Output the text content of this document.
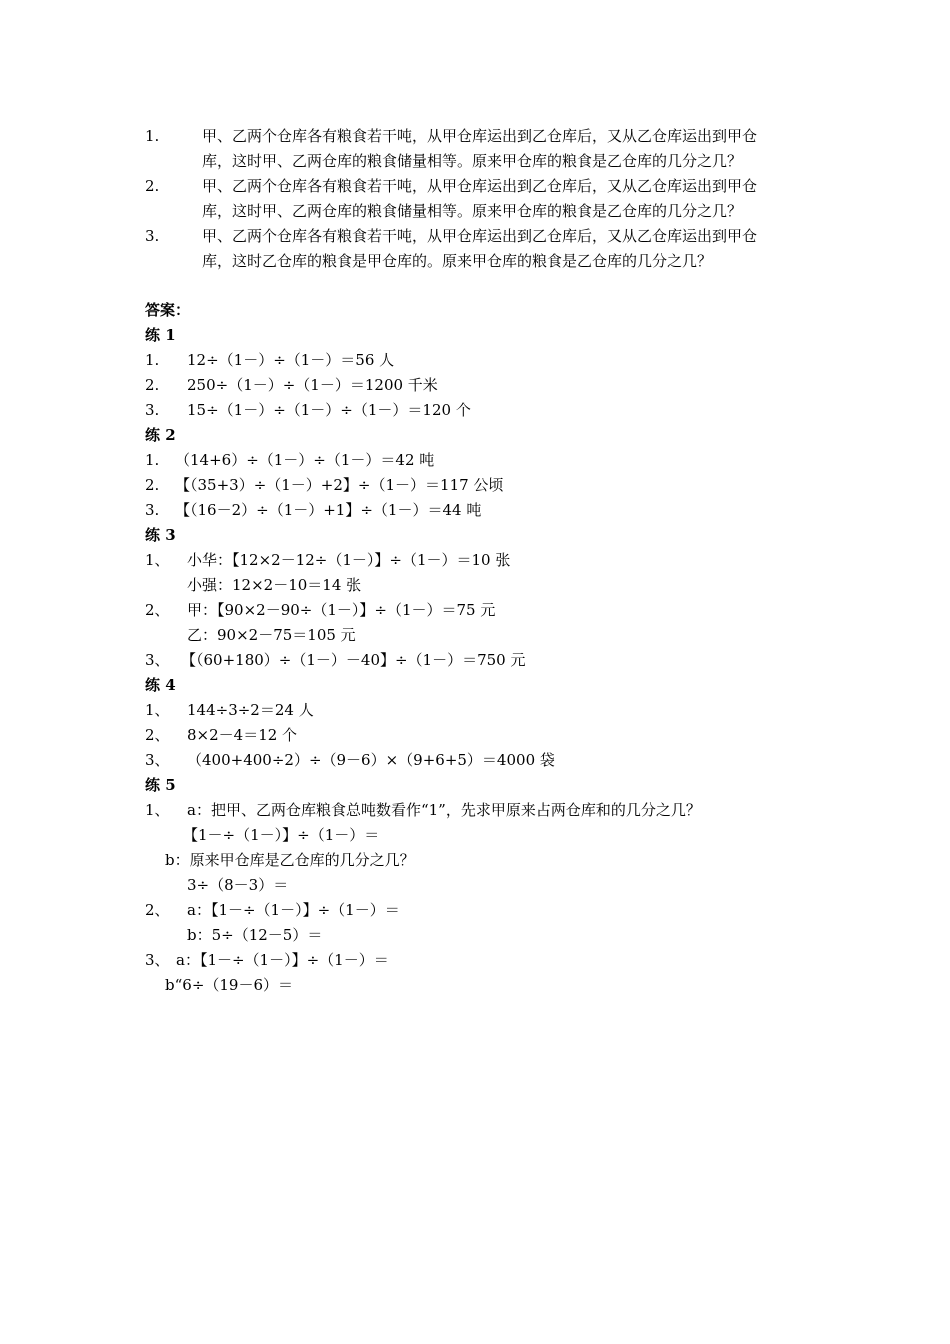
1.	甲、乙两个仓库各有粮食若干吨，从甲仓库运出到乙仓库后，又从乙仓库运出到甲仓
库，这时甲、乙两仓库的粮食储量相等。原来甲仓库的粮食是乙仓库的几分之几？
2.	甲、乙两个仓库各有粮食若干吨，从甲仓库运出到乙仓库后，又从乙仓库运出到甲仓
库，这时甲、乙两仓库的粮食储量相等。原来甲仓库的粮食是乙仓库的几分之几？
3.	甲、乙两个仓库各有粮食若干吨，从甲仓库运出到乙仓库后，又从乙仓库运出到甲仓
库，这时乙仓库的粮食是甲仓库的。原来甲仓库的粮食是乙仓库的几分之几？
答案：
练 1
1. 12÷（1－）÷（1－）＝56 人
2. 250÷（1－）÷（1－）＝1200 千米
3. 15÷（1－）÷（1－）÷（1－）＝120 个
练 2
1. （14+6）÷（1－）÷（1－）＝42 吨
2. 【（35+3）÷（1－）+2】÷（1－）＝117 公顷
3. 【（16－2）÷（1－）+1】÷（1－）＝44 吨
练 3
1、 小华：【12×2－12÷（1－）】÷（1－）＝10 张
小强：12×2－10＝14 张
2、 甲：【90×2－90÷（1－）】÷（1－）＝75 元
乙：90×2－75＝105 元
3、 【（60+180）÷（1－）－40】÷（1－）＝750 元
练 4
1、 144÷3÷2＝24 人
2、 8×2－4＝12 个
3、 （400+400÷2）÷（9－6）×（9+6+5）＝4000 袋
练 5
1、 a：把甲、乙两仓库粮食总吨数看作“1”，先求甲原来占两仓库和的几分之几？
【1－÷（1－）】÷（1－）＝
b：原来甲仓库是乙仓库的几分之几？
3÷（8－3）＝
2、 a：【1－÷（1－）】÷（1－）＝
b：5÷（12－5）＝
3、 a：【1－÷（1－）】÷（1－）＝
b“6÷（19－6）＝
